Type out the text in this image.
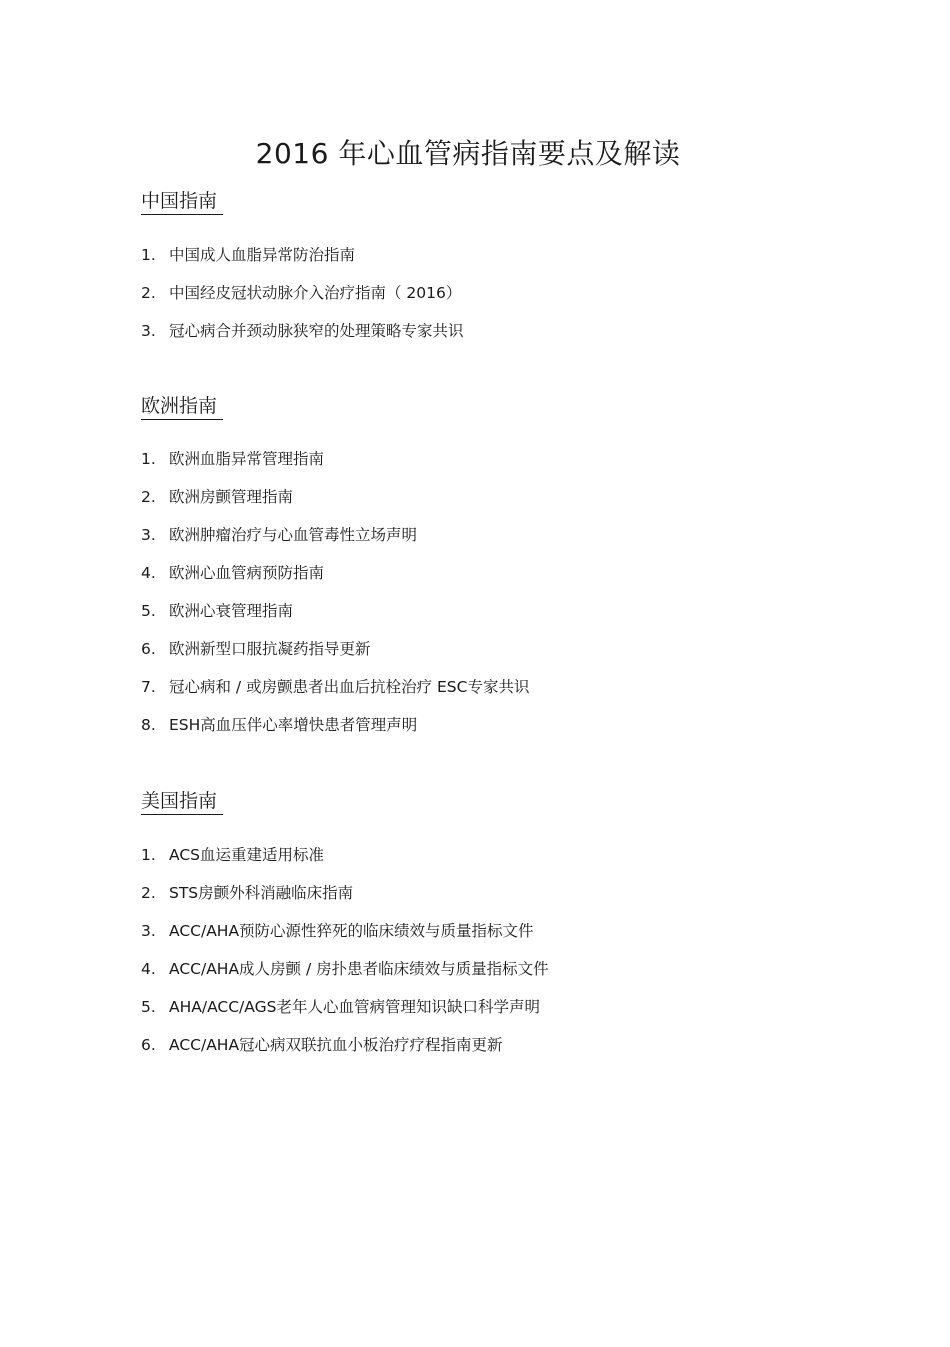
2016 年心血管病指南要点及解读
中国指南
1. 中国成人血脂异常防治指南
2. 中国经皮冠状动脉介入治疗指南（ 2016）
3. 冠心病合并颈动脉狭窄的处理策略专家共识
欧洲指南
1. 欧洲血脂异常管理指南
2. 欧洲房颤管理指南
3. 欧洲肿瘤治疗与心血管毒性立场声明
4. 欧洲心血管病预防指南
5. 欧洲心衰管理指南
6. 欧洲新型口服抗凝药指导更新
7. 冠心病和 / 或房颤患者出血后抗栓治疗 ESC专家共识
8. ESH高血压伴心率增快患者管理声明
美国指南
1. ACS血运重建适用标准
2. STS房颤外科消融临床指南
3. ACC/AHA预防心源性猝死的临床绩效与质量指标文件
4. ACC/AHA成人房颤 / 房扑患者临床绩效与质量指标文件
5. AHA/ACC/AGS老年人心血管病管理知识缺口科学声明
6. ACC/AHA冠心病双联抗血小板治疗疗程指南更新
